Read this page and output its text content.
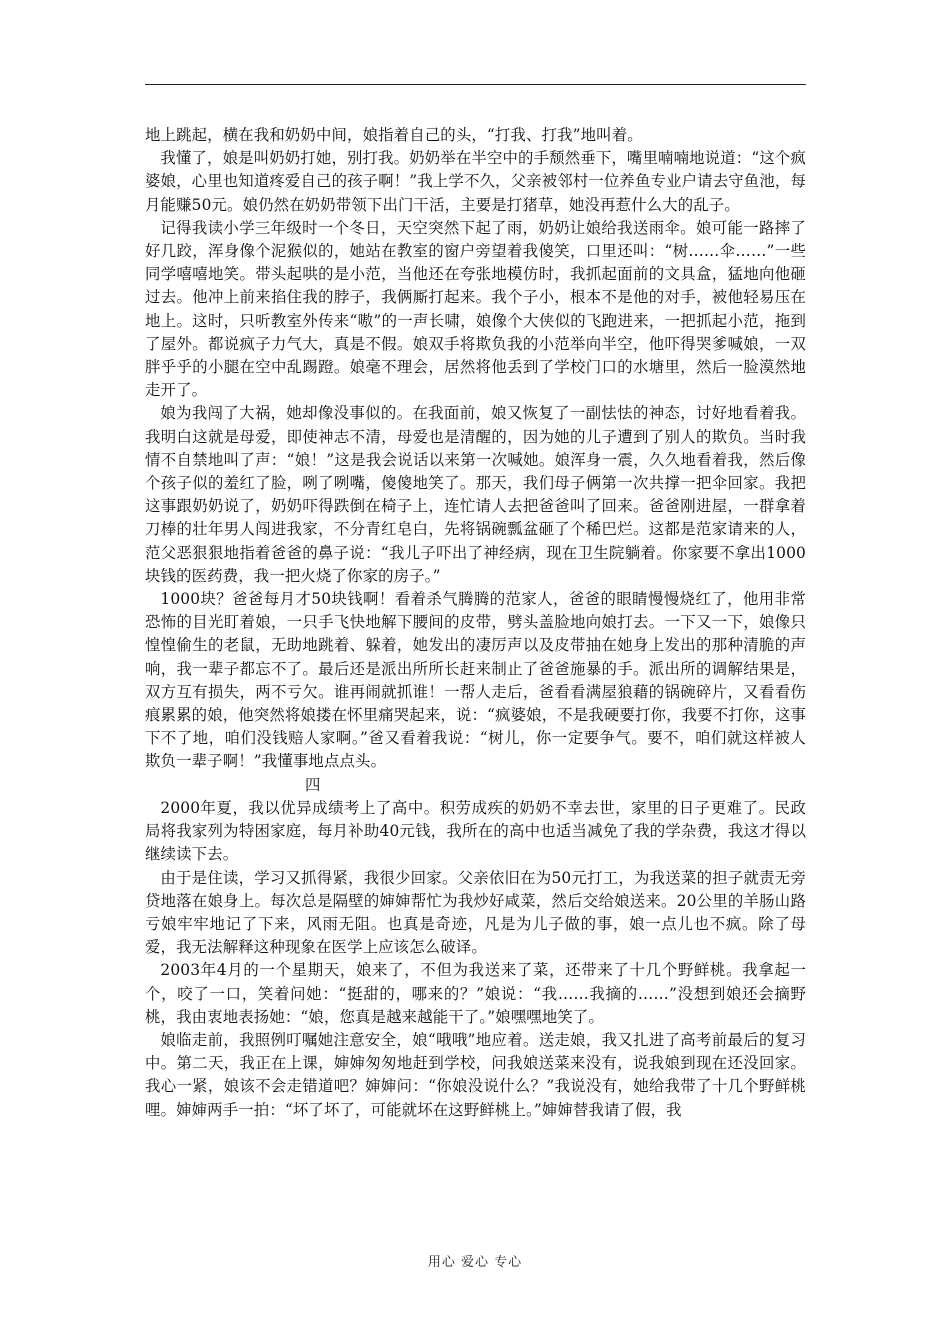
地上跳起，横在我和奶奶中间，娘指着自己的头，“打我、打我”地叫着。

我懂了，娘是叫奶奶打她，别打我。奶奶举在半空中的手颓然垂下，嘴里喃喃地说道：“这个疯婆娘，心里也知道疼爱自己的孩子啊！”我上学不久，父亲被邻村一位养鱼专业户请去守鱼池，每月能赚50元。娘仍然在奶奶带领下出门干活，主要是打猪草，她没再惹什么大的乱子。

记得我读小学三年级时一个冬日，天空突然下起了雨，奶奶让娘给我送雨伞。娘可能一路摔了好几跤，浑身像个泥猴似的，她站在教室的窗户旁望着我傻笑，口里还叫：“树……伞……”一些同学嘻嘻地笑。带头起哄的是小范，当他还在夸张地模仿时，我抓起面前的文具盒，猛地向他砸过去。他冲上前来掐住我的脖子，我俩厮打起来。我个子小，根本不是他的对手，被他轻易压在地上。这时，只听教室外传来“嗷”的一声长啸，娘像个大侠似的飞跑进来，一把抓起小范，拖到了屋外。都说疯子力气大，真是不假。娘双手将欺负我的小范举向半空，他吓得哭爹喊娘，一双胖乎乎的小腿在空中乱踢蹬。娘毫不理会，居然将他丢到了学校门口的水塘里，然后一脸漠然地走开了。

娘为我闯了大祸，她却像没事似的。在我面前，娘又恢复了一副怯怯的神态，讨好地看着我。我明白这就是母爱，即使神志不清，母爱也是清醒的，因为她的儿子遭到了别人的欺负。当时我情不自禁地叫了声：“娘！”这是我会说话以来第一次喊她。娘浑身一震，久久地看着我，然后像个孩子似的羞红了脸，咧了咧嘴，傻傻地笑了。那天，我们母子俩第一次共撑一把伞回家。我把这事跟奶奶说了，奶奶吓得跌倒在椅子上，连忙请人去把爸爸叫了回来。爸爸刚进屋，一群拿着刀棒的壮年男人闯进我家，不分青红皂白，先将锅碗瓢盆砸了个稀巴烂。这都是范家请来的人，范父恶狠狠地指着爸爸的鼻子说：“我儿子吓出了神经病，现在卫生院躺着。你家要不拿出1000块钱的医药费，我一把火烧了你家的房子。”

1000块？爸爸每月才50块钱啊！看着杀气腾腾的范家人，爸爸的眼睛慢慢烧红了，他用非常恐怖的目光盯着娘，一只手飞快地解下腰间的皮带，劈头盖脸地向娘打去。一下又一下，娘像只惶惶偷生的老鼠，无助地跳着、躲着，她发出的凄厉声以及皮带抽在她身上发出的那种清脆的声响，我一辈子都忘不了。最后还是派出所所长赶来制止了爸爸施暴的手。派出所的调解结果是，双方互有损失，两不亏欠。谁再闹就抓谁！一帮人走后，爸看看满屋狼藉的锅碗碎片，又看看伤痕累累的娘，他突然将娘搂在怀里痛哭起来，说：“疯婆娘，不是我硬要打你，我要不打你，这事下不了地，咱们没钱赔人家啊。”爸又看着我说：“树儿，你一定要争气。要不，咱们就这样被人欺负一辈子啊！”我懂事地点点头。

四

2000年夏，我以优异成绩考上了高中。积劳成疾的奶奶不幸去世，家里的日子更难了。民政局将我家列为特困家庭，每月补助40元钱，我所在的高中也适当减免了我的学杂费，我这才得以继续读下去。

由于是住读，学习又抓得紧，我很少回家。父亲依旧在为50元打工，为我送菜的担子就责无旁贷地落在娘身上。每次总是隔壁的婶婶帮忙为我炒好咸菜，然后交给娘送来。20公里的羊肠山路亏娘牢牢地记了下来，风雨无阻。也真是奇迹，凡是为儿子做的事，娘一点儿也不疯。除了母爱，我无法解释这种现象在医学上应该怎么破译。

2003年4月的一个星期天，娘来了，不但为我送来了菜，还带来了十几个野鲜桃。我拿起一个，咬了一口，笑着问她：“挺甜的，哪来的？”娘说：“我……我摘的……”没想到娘还会摘野桃，我由衷地表扬她：“娘，您真是越来越能干了。”娘嘿嘿地笑了。

娘临走前，我照例叮嘱她注意安全，娘“哦哦”地应着。送走娘，我又扎进了高考前最后的复习中。第二天，我正在上课，婶婶匆匆地赶到学校，问我娘送菜来没有，说我娘到现在还没回家。我心一紧，娘该不会走错道吧？婶婶问：“你娘没说什么？”我说没有，她给我带了十几个野鲜桃哩。婶婶两手一拍：“坏了坏了，可能就坏在这野鲜桃上。”婶婶替我请了假，我

用心 爱心 专心
